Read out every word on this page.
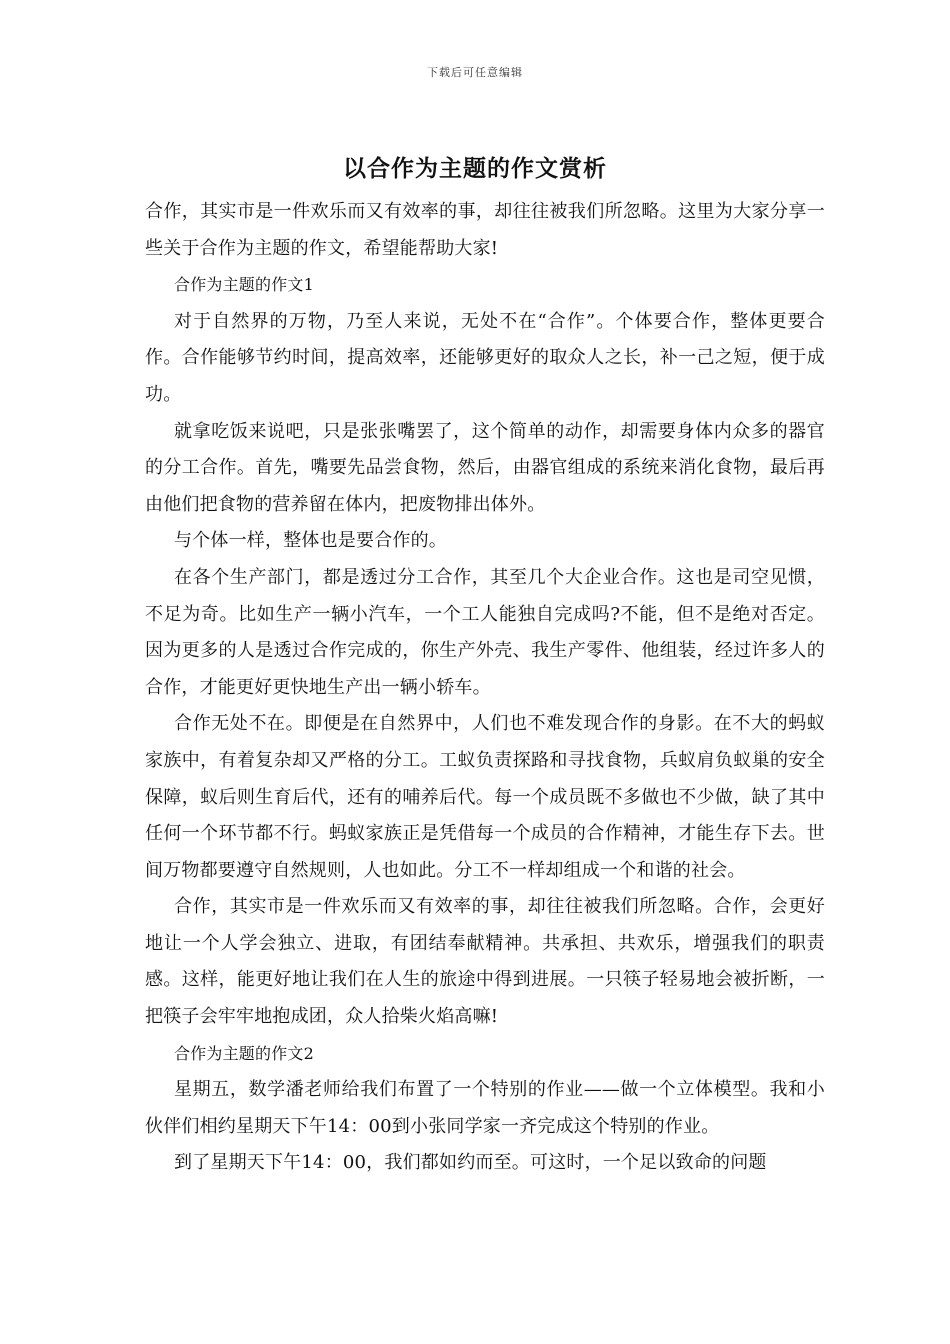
下载后可任意编辑
以合作为主题的作文赏析

合作，其实市是一件欢乐而又有效率的事，却往往被我们所忽略。这里为大家分享一些关于合作为主题的作文，希望能帮助大家!

合作为主题的作文1

对于自然界的万物，乃至人来说，无处不在“合作”。个体要合作，整体更要合作。合作能够节约时间，提高效率，还能够更好的取众人之长，补一己之短，便于成功。

就拿吃饭来说吧，只是张张嘴罢了，这个简单的动作，却需要身体内众多的器官的分工合作。首先，嘴要先品尝食物，然后，由器官组成的系统来消化食物，最后再由他们把食物的营养留在体内，把废物排出体外。

与个体一样，整体也是要合作的。

在各个生产部门，都是透过分工合作，其至几个大企业合作。这也是司空见惯，不足为奇。比如生产一辆小汽车，一个工人能独自完成吗?不能，但不是绝对否定。因为更多的人是透过合作完成的，你生产外壳、我生产零件、他组装，经过许多人的合作，才能更好更快地生产出一辆小轿车。

合作无处不在。即便是在自然界中，人们也不难发现合作的身影。在不大的蚂蚁家族中，有着复杂却又严格的分工。工蚁负责探路和寻找食物，兵蚁肩负蚁巢的安全保障，蚁后则生育后代，还有的哺养后代。每一个成员既不多做也不少做，缺了其中任何一个环节都不行。蚂蚁家族正是凭借每一个成员的合作精神，才能生存下去。世间万物都要遵守自然规则，人也如此。分工不一样却组成一个和谐的社会。

合作，其实市是一件欢乐而又有效率的事，却往往被我们所忽略。合作，会更好地让一个人学会独立、进取，有团结奉献精神。共承担、共欢乐，增强我们的职责感。这样，能更好地让我们在人生的旅途中得到进展。一只筷子轻易地会被折断，一把筷子会牢牢地抱成团，众人拾柴火焰高嘛!

合作为主题的作文2

星期五，数学潘老师给我们布置了一个特别的作业——做一个立体模型。我和小伙伴们相约星期天下午14：00到小张同学家一齐完成这个特别的作业。

到了星期天下午14：00，我们都如约而至。可这时，一个足以致命的问题
